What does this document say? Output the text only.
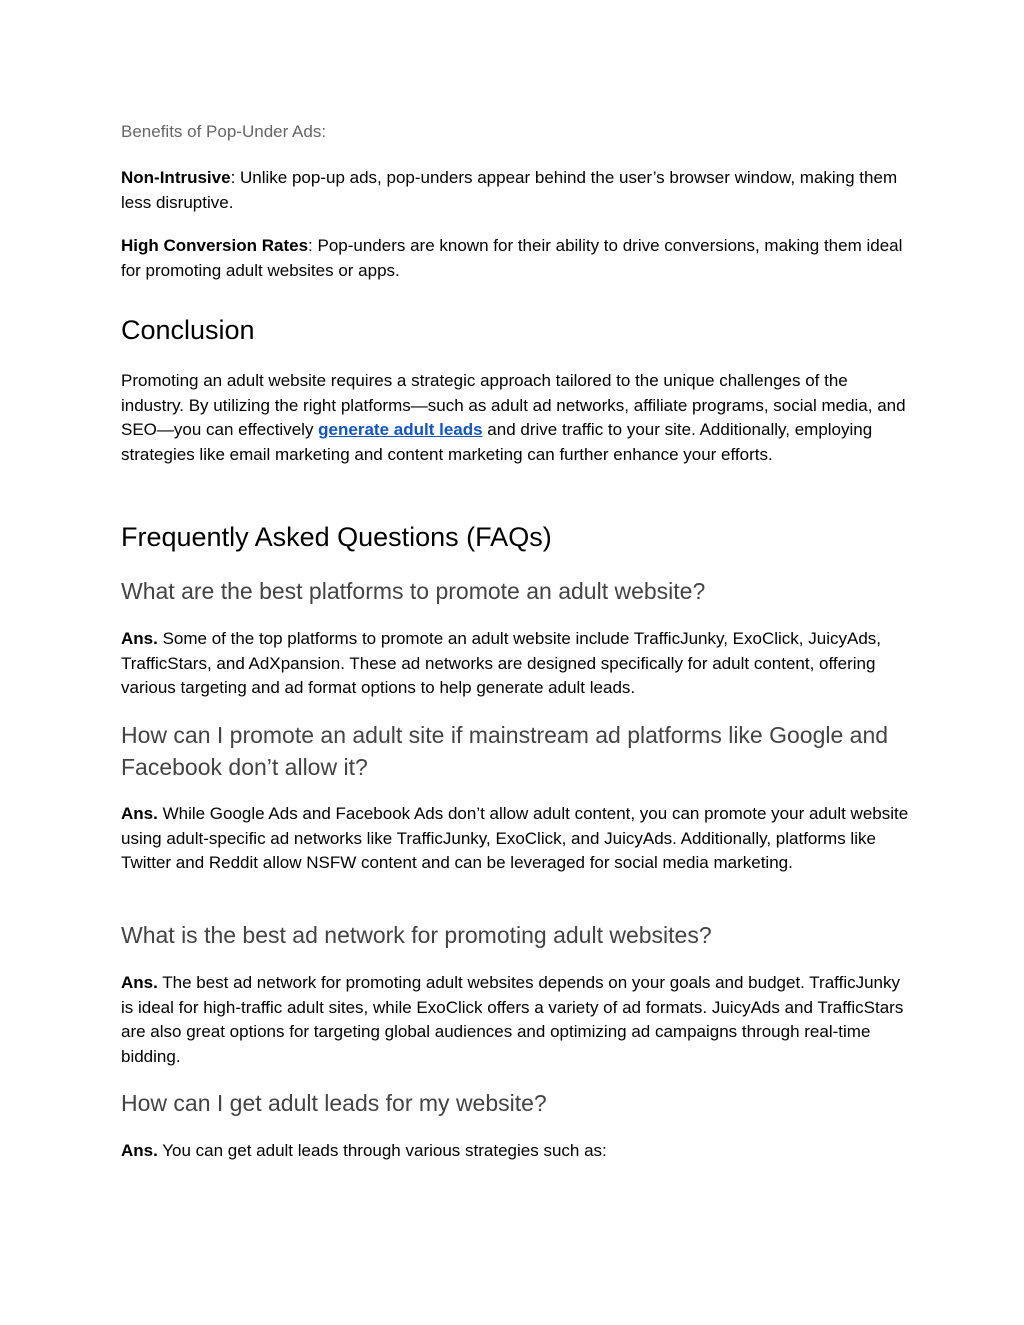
Benefits of Pop-Under Ads:

Non-Intrusive: Unlike pop-up ads, pop-unders appear behind the user’s browser window, making them less disruptive.

High Conversion Rates: Pop-unders are known for their ability to drive conversions, making them ideal for promoting adult websites or apps.

Conclusion

Promoting an adult website requires a strategic approach tailored to the unique challenges of the industry. By utilizing the right platforms—such as adult ad networks, affiliate programs, social media, and SEO—you can effectively generate adult leads and drive traffic to your site. Additionally, employing strategies like email marketing and content marketing can further enhance your efforts.

Frequently Asked Questions (FAQs)
What are the best platforms to promote an adult website?

Ans. Some of the top platforms to promote an adult website include TrafficJunky, ExoClick, JuicyAds, TrafficStars, and AdXpansion. These ad networks are designed specifically for adult content, offering various targeting and ad format options to help generate adult leads.

How can I promote an adult site if mainstream ad platforms like Google and Facebook don’t allow it?

Ans. While Google Ads and Facebook Ads don’t allow adult content, you can promote your adult website using adult-specific ad networks like TrafficJunky, ExoClick, and JuicyAds. Additionally, platforms like Twitter and Reddit allow NSFW content and can be leveraged for social media marketing.

What is the best ad network for promoting adult websites?

Ans. The best ad network for promoting adult websites depends on your goals and budget. TrafficJunky is ideal for high-traffic adult sites, while ExoClick offers a variety of ad formats. JuicyAds and TrafficStars are also great options for targeting global audiences and optimizing ad campaigns through real-time bidding.

How can I get adult leads for my website?

Ans. You can get adult leads through various strategies such as:
